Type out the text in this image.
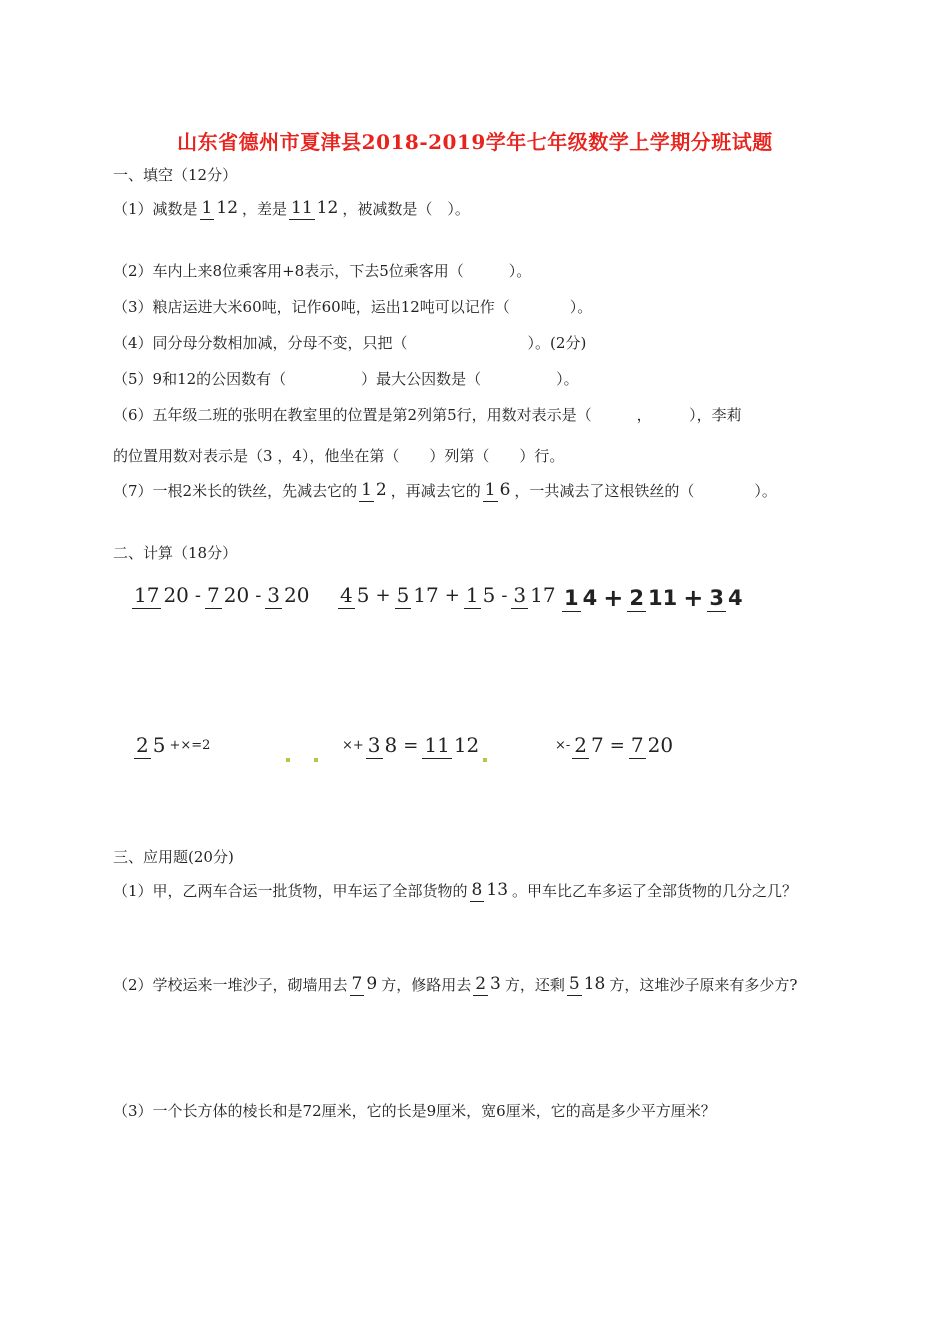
山东省德州市夏津县2018-2019学年七年级数学上学期分班试题
一、填空（12分）
（1）减数是 1 12 ，差是 11 12 ，被减数是（　）。
（2）车内上来8位乘客用+8表示，下去5位乘客用（　　　）。
（3）粮店运进大米60吨，记作60吨，运出12吨可以记作（　　　　）。
（4）同分母分数相加减，分母不变，只把（　　　　　　　　）。(2分)
（5）9和12的公因数有（　　　　　）最大公因数是（　　　　　）。
（6）五年级二班的张明在教室里的位置是第2列第5行，用数对表示是（　　　，　　　），李莉
的位置用数对表示是（3 ，4），他坐在第（　　）列第（　　）行。
（7）一根2米长的铁丝，先减去它的 1 2 ，再减去它的 1 6 ，一共减去了这根铁丝的（　　　　）。
二、计算（18分）
17 20 - 7 20 - 3 20 4 5 + 5 17 + 1 5 - 3 17 1 4 + 2 11 + 3 4
2 5 +×=2	×+ 3 8 = 11 12	×- 2 7 = 7 20
三、应用题(20分)
（1）甲，乙两车合运一批货物，甲车运了全部货物的 8 13 。甲车比乙车多运了全部货物的几分之几？
（2）学校运来一堆沙子，砌墙用去 7 9 方，修路用去 2 3 方，还剩 5 18 方，这堆沙子原来有多少方?
（3）一个长方体的棱长和是72厘米，它的长是9厘米，宽6厘米，它的高是多少平方厘米？
